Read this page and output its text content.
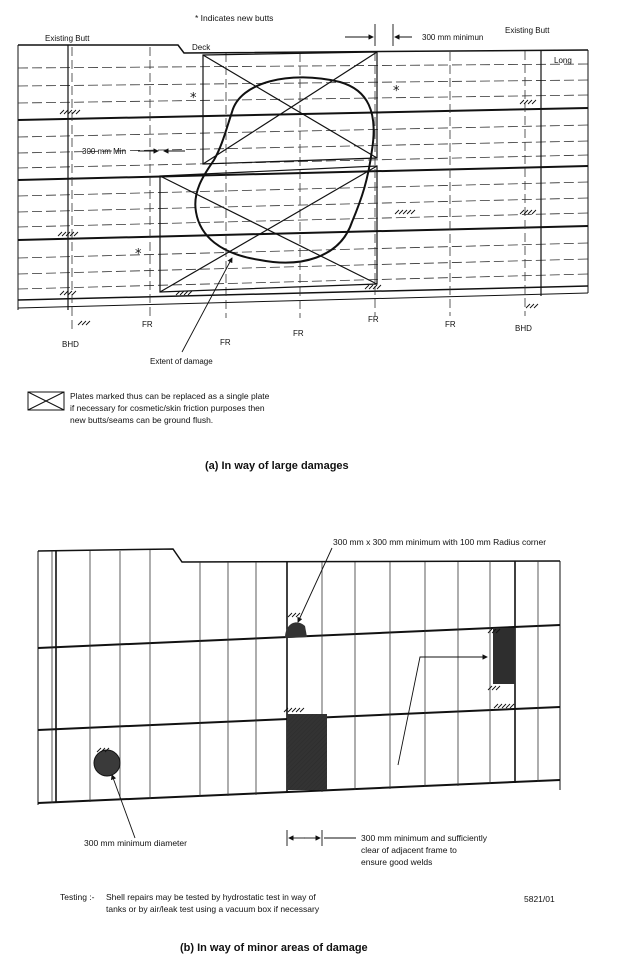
* Indicates new butts
Existing Butt
Existing Butt
Deck
300 mm minimun
Long
300 mm Min
*	*
*
FR
FR
FR
FR
FR
BHD
BHD
Extent of damage
Plates marked thus can be replaced as a single plate
if necessary for cosmetic/skin friction purposes then
new butts/seams can be ground flush.
(a) In way of large damages
300 mm x 300 mm minimum with 100 mm Radius corner
300 mm minimum diameter	300 mm minimum and sufficiently
clear of adjacent frame to
ensure good welds
Testing :- Shell repairs may be tested by hydrostatic test in way of
tanks or by air/leak test using a vacuum box if necessary
5821/01
(b) In way of minor areas of damage
